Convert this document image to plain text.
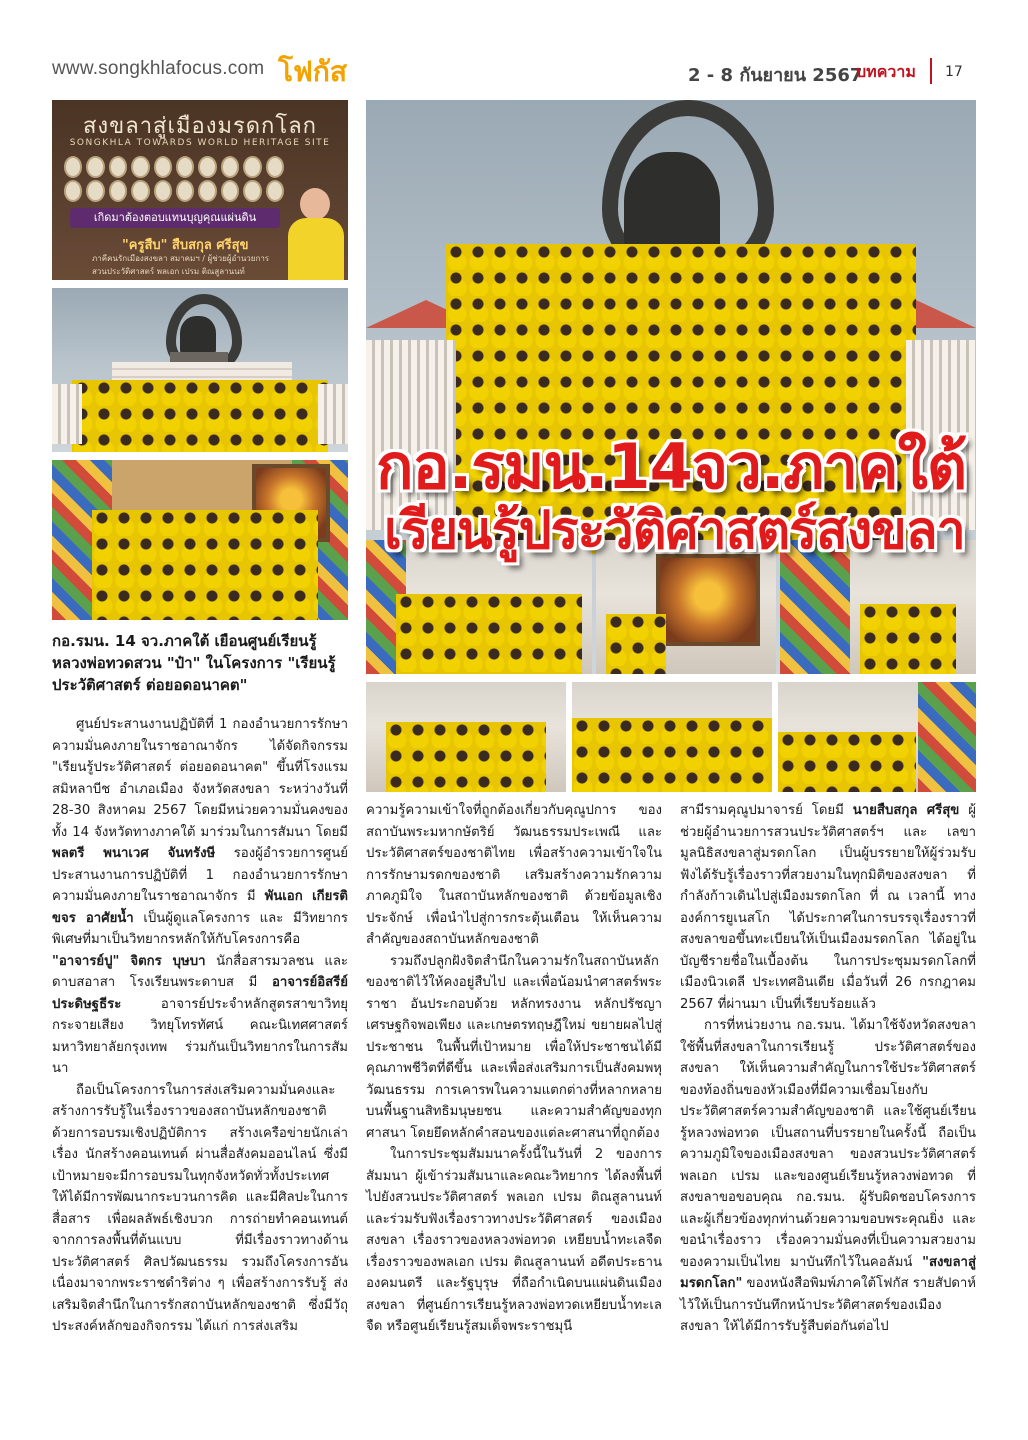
www.songkhlafocus.com โฟกัส	2 - 8 กันยายน 2567
บทความ 17
สงขลาสู่เมืองมรดกโลก
SONGKHLA TOWARDS WORLD HERITAGE SITE
เกิดมาต้องตอบแทนบุญคุณแผ่นดิน
"ครูสืบ" สืบสกุล ศรีสุข
ภาคีคนรักเมืองสงขลา สมาคมฯ / ผู้ช่วยผู้อำนวยการสวนประวัติศาสตร์ พลเอก เปรม ติณสูลานนท์
กอ.รมน.14จว.ภาคใต้
เรียนรู้ประวัติศาสตร์สงขลา
กอ.รมน. 14 จว.ภาคใต้ เยือนศูนย์เรียนรู้หลวงพ่อทวดสวน "ป๋า" ในโครงการ "เรียนรู้ประวัติศาสตร์ ต่อยอดอนาคต"

ศูนย์ประสานงานปฏิบัติที่ 1 กองอำนวยการรักษาความมั่นคงภายในราชอาณาจักร ได้จัดกิจกรรม "เรียนรู้ประวัติศาสตร์ ต่อยอดอนาคต" ขึ้นที่โรงแรมสมิหลาบีช อำเภอเมือง จังหวัดสงขลา ระหว่างวันที่ 28-30 สิงหาคม 2567 โดยมีหน่วยความมั่นคงของทั้ง 14 จังหวัดทางภาคใต้ มาร่วมในการสัมนา โดยมี พลตรี พนาเวศ จันทรังษี รองผู้อำรวยการศูนย์ประสานงานการปฏิบัติที่ 1 กองอำนวยการรักษาความมั่นคงภายในราชอาณาจักร มี พันเอก เกียรติขจร อาศัยน้ำ เป็นผู้ดูแลโครงการ และ มีวิทยากรพิเศษที่มาเป็นวิทยากรหลักให้กับโครงการคือ "อาจารย์ปู" จิตกร บุษบา นักสื่อสารมวลชน และดาบสอาสา โรงเรียนพระดาบส มี อาจารย์อิสรีย์ ประดิษฐธีระ อาจารย์ประจำหลักสูตรสาขาวิทยุกระจายเสียง วิทยุโทรทัศน์ คณะนิเทศศาสตร์ มหาวิทยาลัยกรุงเทพ ร่วมกันเป็นวิทยากรในการสัมนา

ถือเป็นโครงการในการส่งเสริมความมั่นคงและสร้างการรับรู้ในเรื่องราวของสถาบันหลักของชาติ ด้วยการอบรมเชิงปฏิบัติการ สร้างเครือข่ายนักเล่าเรื่อง นักสร้างคอนเทนต์ ผ่านสื่อสังคมออนไลน์ ซึ่งมีเป้าหมายจะมีการอบรมในทุกจังหวัดทั่วทั้งประเทศ ให้ได้มีการพัฒนากระบวนการคิด และมีศิลปะในการสื่อสาร เพื่อผลลัพธ์เชิงบวก การถ่ายทำคอนเทนต์ จากการลงพื้นที่ต้นแบบ ที่มีเรื่องราวทางด้านประวัติศาสตร์ ศิลปวัฒนธรรม รวมถึงโครงการอันเนื่องมาจากพระราชดำริต่าง ๆ เพื่อสร้างการรับรู้ ส่งเสริมจิตสำนึกในการรักสถาบันหลักของชาติ ซึ่งมีวัถุประสงค์หลักของกิจกรรม ได้แก่ การส่งเสริม

ความรู้ความเข้าใจที่ถูกต้องเกี่ยวกับคุณูปการ ของสถาบันพระมหากษัตริย์ วัฒนธรรมประเพณี และประวัติศาสตร์ของชาติไทย เพื่อสร้างความเข้าใจในการรักษามรดกของชาติ เสริมสร้างความรักความภาคภูมิใจ ในสถาบันหลักของชาติ ด้วยข้อมูลเชิงประจักษ์ เพื่อนำไปสู่การกระตุ้นเตือน ให้เห็นความสำคัญของสถาบันหลักของชาติ

รวมถึงปลูกฝังจิตสำนึกในความรักในสถาบันหลักของชาติไว้ให้คงอยู่สืบไป และเพื่อน้อมนำศาสตร์พระราชา อันประกอบด้วย หลักทรงงาน หลักปรัชญาเศรษฐกิจพอเพียง และเกษตรทฤษฎีใหม่ ขยายผลไปสู่ประชาชน ในพื้นที่เป้าหมาย เพื่อให้ประชาชนได้มีคุณภาพชีวิตที่ดีขึ้น และเพื่อส่งเสริมการเป็นสังคมพหุวัฒนธรรม การเคารพในความแตกต่างที่หลากหลาย บนพื้นฐานสิทธิมนุษยชน และความสำคัญของทุกศาสนา โดยยึดหลักคำสอนของแต่ละศาสนาที่ถูกต้อง

ในการประชุมสัมมนาครั้งนี้ในวันที่ 2 ของการสัมมนา ผู้เข้าร่วมสัมนาและคณะวิทยากร ได้ลงพื้นที่ไปยังสวนประวัติศาสตร์ พลเอก เปรม ติณสูลานนท์ และร่วมรับฟังเรื่องราวทางประวัติศาสตร์ ของเมืองสงขลา เรื่องราวของหลวงพ่อทวด เหยียบน้ำทะเลจืด เรื่องราวของพลเอก เปรม ติณสูลานนท์ อดีตประธานองคมนตรี และรัฐบุรุษ ที่ถือกำเนิดบนแผ่นดินเมืองสงขลา ที่ศูนย์การเรียนรู้หลวงพ่อทวดเหยียบน้ำทะเลจืด หรือศูนย์เรียนรู้สมเด็จพระราชมุนี

สามีรามคุณูปมาจารย์ โดยมี นายสืบสกุล ศรีสุข ผู้ช่วยผู้อำนวยการสวนประวัติศาสตร์ฯ และ เลขามูลนิธิสงขลาสู่มรดกโลก เป็นผู้บรรยายให้ผู้ร่วมรับฟังได้รับรู้เรื่องราวที่สวยงามในทุกมิติของสงขลา ที่กำลังก้าวเดินไปสู่เมืองมรดกโลก ที่ ณ เวลานี้ ทางองค์การยูเนสโก ได้ประกาศในการบรรจุเรื่องราวที่สงขลาขอขึ้นทะเบียนให้เป็นเมืองมรดกโลก ได้อยู่ในบัญชีรายชื่อในเบื้องต้น ในการประชุมมรดกโลกที่เมืองนิวเดลี ประเทศอินเดีย เมื่อวันที่ 26 กรกฎาคม 2567 ที่ผ่านมา เป็นที่เรียบร้อยแล้ว

การที่หน่วยงาน กอ.รมน. ได้มาใช้จังหวัดสงขลาใช้พื้นที่สงขลาในการเรียนรู้ ประวัติศาสตร์ของสงขลา ให้เห็นความสำคัญในการใช้ประวัติศาสตร์ของท้องถิ่นของหัวเมืองที่มีความเชื่อมโยงกับประวัติศาสตร์ความสำคัญของชาติ และใช้ศูนย์เรียนรู้หลวงพ่อทวด เป็นสถานที่บรรยายในครั้งนี้ ถือเป็นความภูมิใจของเมืองสงขลา ของสวนประวัติศาสตร์ พลเอก เปรม และของศูนย์เรียนรู้หลวงพ่อทวด ที่สงขลาขอขอบคุณ กอ.รมน. ผู้รับผิดชอบโครงการ และผู้เกี่ยวข้องทุกท่านด้วยความขอบพระคุณยิ่ง และขอนำเรื่องราว เรื่องความมั่นคงที่เป็นความสวยงามของความเป็นไทย มาบันทึกไว้ในคอลัมน์ "สงขลาสู่มรดกโลก" ของหนังสือพิมพ์ภาคใต้โฟกัส รายสัปดาห์ ไว้ให้เป็นการบันทึกหน้าประวัติศาสตร์ของเมืองสงขลา ให้ได้มีการรับรู้สืบต่อกันต่อไป
